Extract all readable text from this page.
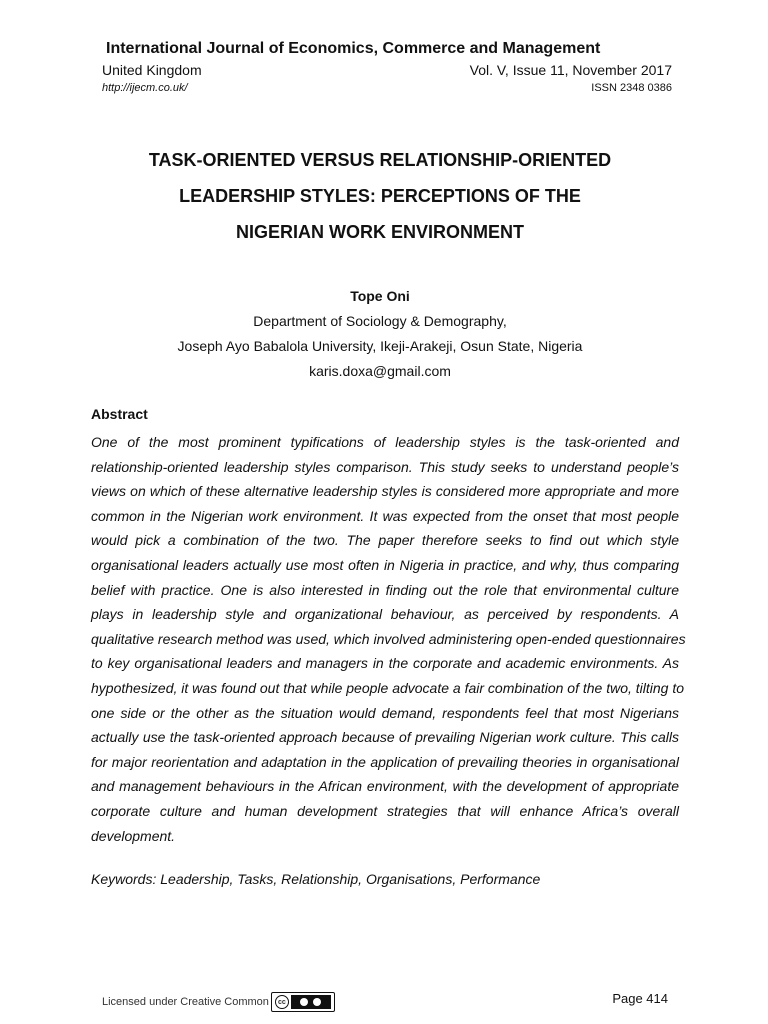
International Journal of Economics, Commerce and Management
United Kingdom	Vol. V, Issue 11, November 2017
http://ijecm.co.uk/	ISSN 2348 0386
TASK-ORIENTED VERSUS RELATIONSHIP-ORIENTED
LEADERSHIP STYLES: PERCEPTIONS OF THE
NIGERIAN WORK ENVIRONMENT
Tope Oni
Department of Sociology & Demography,
Joseph Ayo Babalola University, Ikeji-Arakeji, Osun State, Nigeria
karis.doxa@gmail.com
Abstract
One of the most prominent typifications of leadership styles is the task-oriented and
relationship-oriented leadership styles comparison. This study seeks to understand people’s
views on which of these alternative leadership styles is considered more appropriate and more
common in the Nigerian work environment. It was expected from the onset that most people
would pick a combination of the two. The paper therefore seeks to find out which style
organisational leaders actually use most often in Nigeria in practice, and why, thus comparing
belief with practice. One is also interested in finding out the role that environmental culture
plays in leadership style and organizational behaviour, as perceived by respondents. A
qualitative research method was used, which involved administering open-ended questionnaires
to key organisational leaders and managers in the corporate and academic environments. As
hypothesized, it was found out that while people advocate a fair combination of the two, tilting to
one side or the other as the situation would demand, respondents feel that most Nigerians
actually use the task-oriented approach because of prevailing Nigerian work culture. This calls
for major reorientation and adaptation in the application of prevailing theories in organisational
and management behaviours in the African environment, with the development of appropriate
corporate culture and human development strategies that will enhance Africa’s overall
development.
Keywords: Leadership, Tasks, Relationship, Organisations, Performance
Licensed under Creative Common	cc	Page 414
